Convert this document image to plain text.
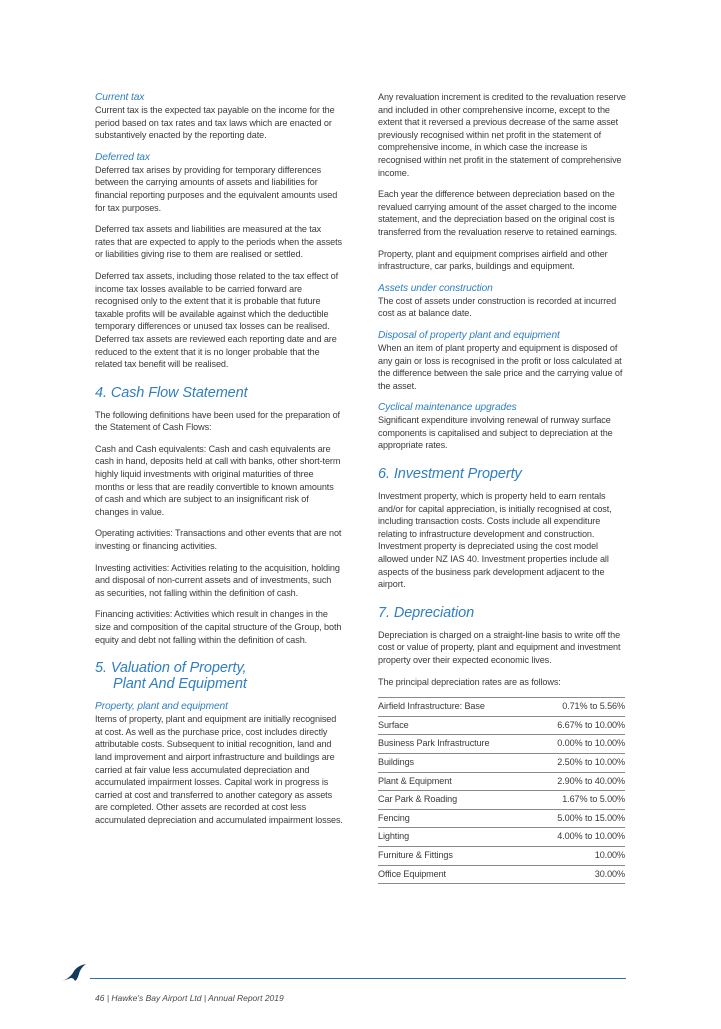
Current tax

Current tax is the expected tax payable on the income for the period based on tax rates and tax laws which are enacted or substantively enacted by the reporting date.

Deferred tax

Deferred tax arises by providing for temporary differences between the carrying amounts of assets and liabilities for financial reporting purposes and the equivalent amounts used for tax purposes.

Deferred tax assets and liabilities are measured at the tax rates that are expected to apply to the periods when the assets or liabilities giving rise to them are realised or settled.

Deferred tax assets, including those related to the tax effect of income tax losses available to be carried forward are recognised only to the extent that it is probable that future taxable profits will be available against which the deductible temporary differences or unused tax losses can be realised. Deferred tax assets are reviewed each reporting date and are reduced to the extent that it is no longer probable that the related tax benefit will be realised.

4. Cash Flow Statement

The following definitions have been used for the preparation of the Statement of Cash Flows:

Cash and Cash equivalents: Cash and cash equivalents are cash in hand, deposits held at call with banks, other short-term highly liquid investments with original maturities of three months or less that are readily convertible to known amounts of cash and which are subject to an insignificant risk of changes in value.

Operating activities: Transactions and other events that are not investing or financing activities.

Investing activities: Activities relating to the acquisition, holding and disposal of non-current assets and of investments, such as securities, not falling within the definition of cash.

Financing activities: Activities which result in changes in the size and composition of the capital structure of the Group, both equity and debt not falling within the definition of cash.

5. Valuation of Property,
Plant And Equipment
Property, plant and equipment

Items of property, plant and equipment are initially recognised at cost. As well as the purchase price, cost includes directly attributable costs. Subsequent to initial recognition, land and land improvement and airport infrastructure and buildings are carried at fair value less accumulated depreciation and accumulated impairment losses. Capital work in progress is carried at cost and transferred to another category as assets are completed. Other assets are recorded at cost less accumulated depreciation and accumulated impairment losses.

Any revaluation increment is credited to the revaluation reserve and included in other comprehensive income, except to the extent that it reversed a previous decrease of the same asset previously recognised within net profit in the statement of comprehensive income, in which case the increase is recognised within net profit in the statement of comprehensive income.

Each year the difference between depreciation based on the revalued carrying amount of the asset charged to the income statement, and the depreciation based on the original cost is transferred from the revaluation reserve to retained earnings.

Property, plant and equipment comprises airfield and other infrastructure, car parks, buildings and equipment.

Assets under construction

The cost of assets under construction is recorded at incurred cost as at balance date.

Disposal of property plant and equipment

When an item of plant property and equipment is disposed of any gain or loss is recognised in the profit or loss calculated at the difference between the sale price and the carrying value of the asset.

Cyclical maintenance upgrades

Significant expenditure involving renewal of runway surface components is capitalised and subject to depreciation at the appropriate rates.

6. Investment Property

Investment property, which is property held to earn rentals and/or for capital appreciation, is initially recognised at cost, including transaction costs. Costs include all expenditure relating to infrastructure development and construction. Investment property is depreciated using the cost model allowed under NZ IAS 40. Investment properties include all aspects of the business park development adjacent to the airport.

7. Depreciation

Depreciation is charged on a straight-line basis to write off the cost or value of property, plant and equipment and investment property over their expected economic lives.

The principal depreciation rates are as follows:

Airfield Infrastructure: Base	0.71% to 5.56%
Surface	6.67% to 10.00%
Business Park Infrastructure	0.00% to 10.00%
Buildings	2.50% to 10.00%
Plant & Equipment	2.90% to 40.00%
Car Park & Roading	1.67% to 5.00%
Fencing	5.00% to 15.00%
Lighting	4.00% to 10.00%
Furniture & Fittings	10.00%
Office Equipment	30.00%
46 | Hawke's Bay Airport Ltd | Annual Report 2019
